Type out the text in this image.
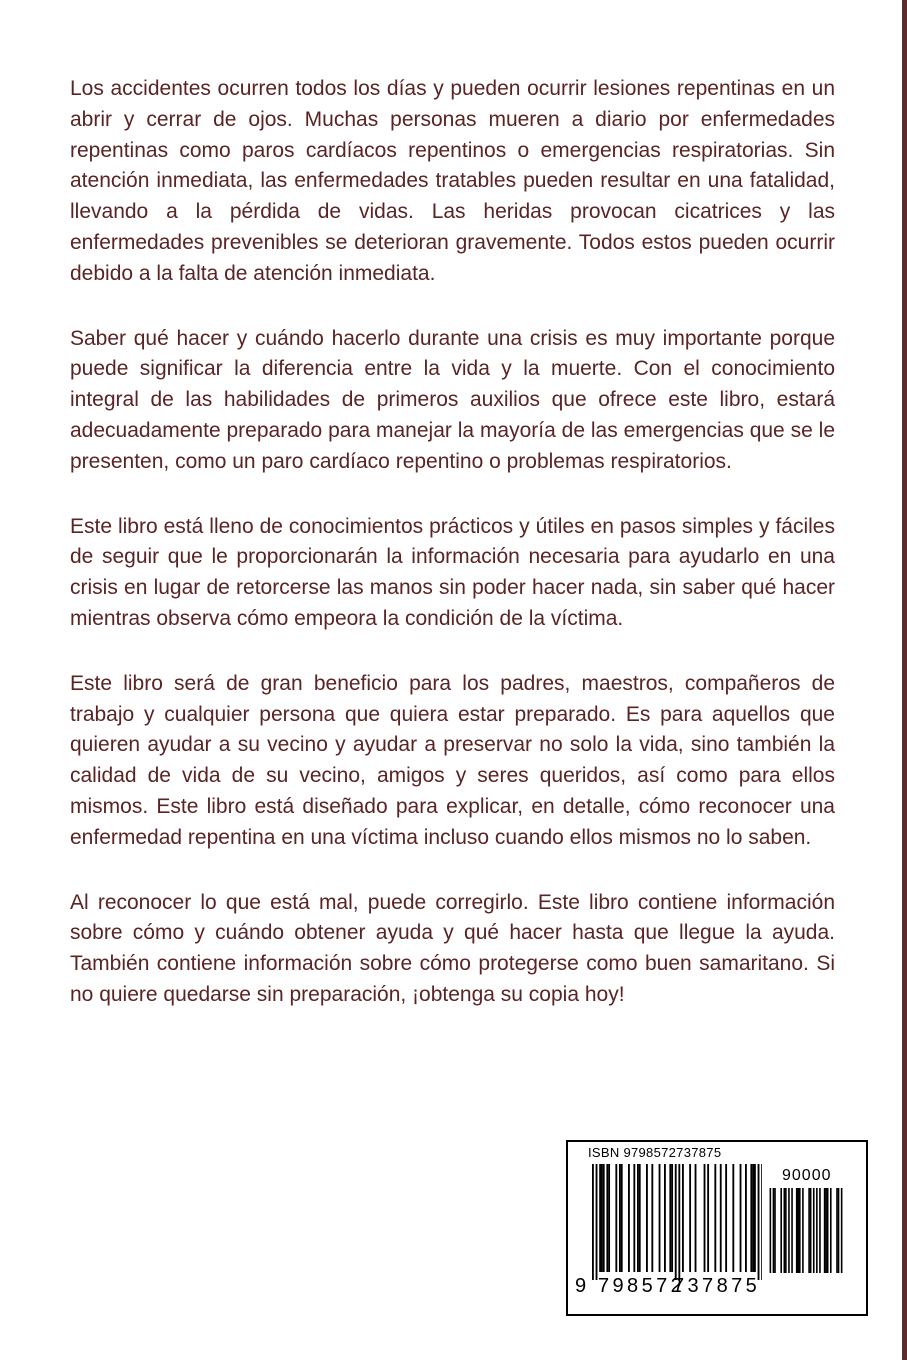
Los accidentes ocurren todos los días y pueden ocurrir lesiones repentinas en un abrir y cerrar de ojos. Muchas personas mueren a diario por enfermedades repentinas como paros cardíacos repentinos o emergencias respiratorias. Sin atención inmediata, las enfermedades tratables pueden resultar en una fatalidad, llevando a la pérdida de vidas. Las heridas provocan cicatrices y las enfermedades prevenibles se deterioran gravemente. Todos estos pueden ocurrir debido a la falta de atención inmediata.

Saber qué hacer y cuándo hacerlo durante una crisis es muy importante porque puede significar la diferencia entre la vida y la muerte. Con el conocimiento integral de las habilidades de primeros auxilios que ofrece este libro, estará adecuadamente preparado para manejar la mayoría de las emergencias que se le presenten, como un paro cardíaco repentino o problemas respiratorios.

Este libro está lleno de conocimientos prácticos y útiles en pasos simples y fáciles de seguir que le proporcionarán la información necesaria para ayudarlo en una crisis en lugar de retorcerse las manos sin poder hacer nada, sin saber qué hacer mientras observa cómo empeora la condición de la víctima.

Este libro será de gran beneficio para los padres, maestros, compañeros de trabajo y cualquier persona que quiera estar preparado. Es para aquellos que quieren ayudar a su vecino y ayudar a preservar no solo la vida, sino también la calidad de vida de su vecino, amigos y seres queridos, así como para ellos mismos. Este libro está diseñado para explicar, en detalle, cómo reconocer una enfermedad repentina en una víctima incluso cuando ellos mismos no lo saben.

Al reconocer lo que está mal, puede corregirlo. Este libro contiene información sobre cómo y cuándo obtener ayuda y qué hacer hasta que llegue la ayuda. También contiene información sobre cómo protegerse como buen samaritano. Si no quiere quedarse sin preparación, ¡obtenga su copia hoy!

ISBN 9798572737875
90000
9 798572
737875
